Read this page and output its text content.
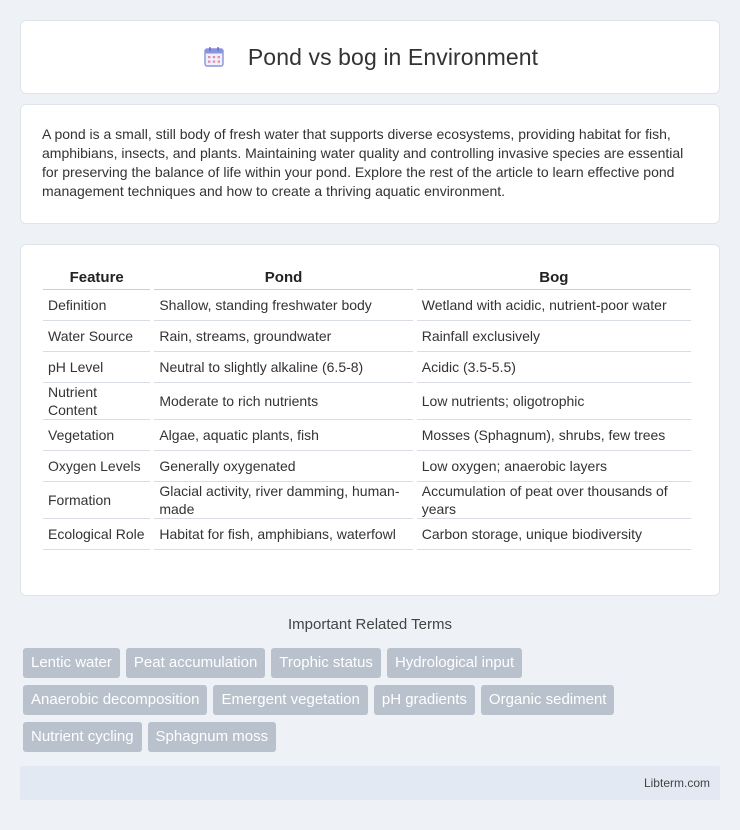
Pond vs bog in Environment

A pond is a small, still body of fresh water that supports diverse ecosystems, providing habitat for fish, amphibians, insects, and plants. Maintaining water quality and controlling invasive species are essential for preserving the balance of life within your pond. Explore the rest of the article to learn effective pond management techniques and how to create a thriving aquatic environment.

Feature	Pond	Bog
Definition	Shallow, standing freshwater body	Wetland with acidic, nutrient-poor water
Water Source	Rain, streams, groundwater	Rainfall exclusively
pH Level	Neutral to slightly alkaline (6.5-8)	Acidic (3.5-5.5)
Nutrient Content	Moderate to rich nutrients	Low nutrients; oligotrophic
Vegetation	Algae, aquatic plants, fish	Mosses (Sphagnum), shrubs, few trees
Oxygen Levels	Generally oxygenated	Low oxygen; anaerobic layers
Formation	Glacial activity, river damming, human-made	Accumulation of peat over thousands of years
Ecological Role	Habitat for fish, amphibians, waterfowl	Carbon storage, unique biodiversity
Important Related Terms
Lentic water	Peat accumulation	Trophic status	Hydrological input
Anaerobic decomposition	Emergent vegetation	pH gradients	Organic sediment
Nutrient cycling	Sphagnum moss
Libterm.com
